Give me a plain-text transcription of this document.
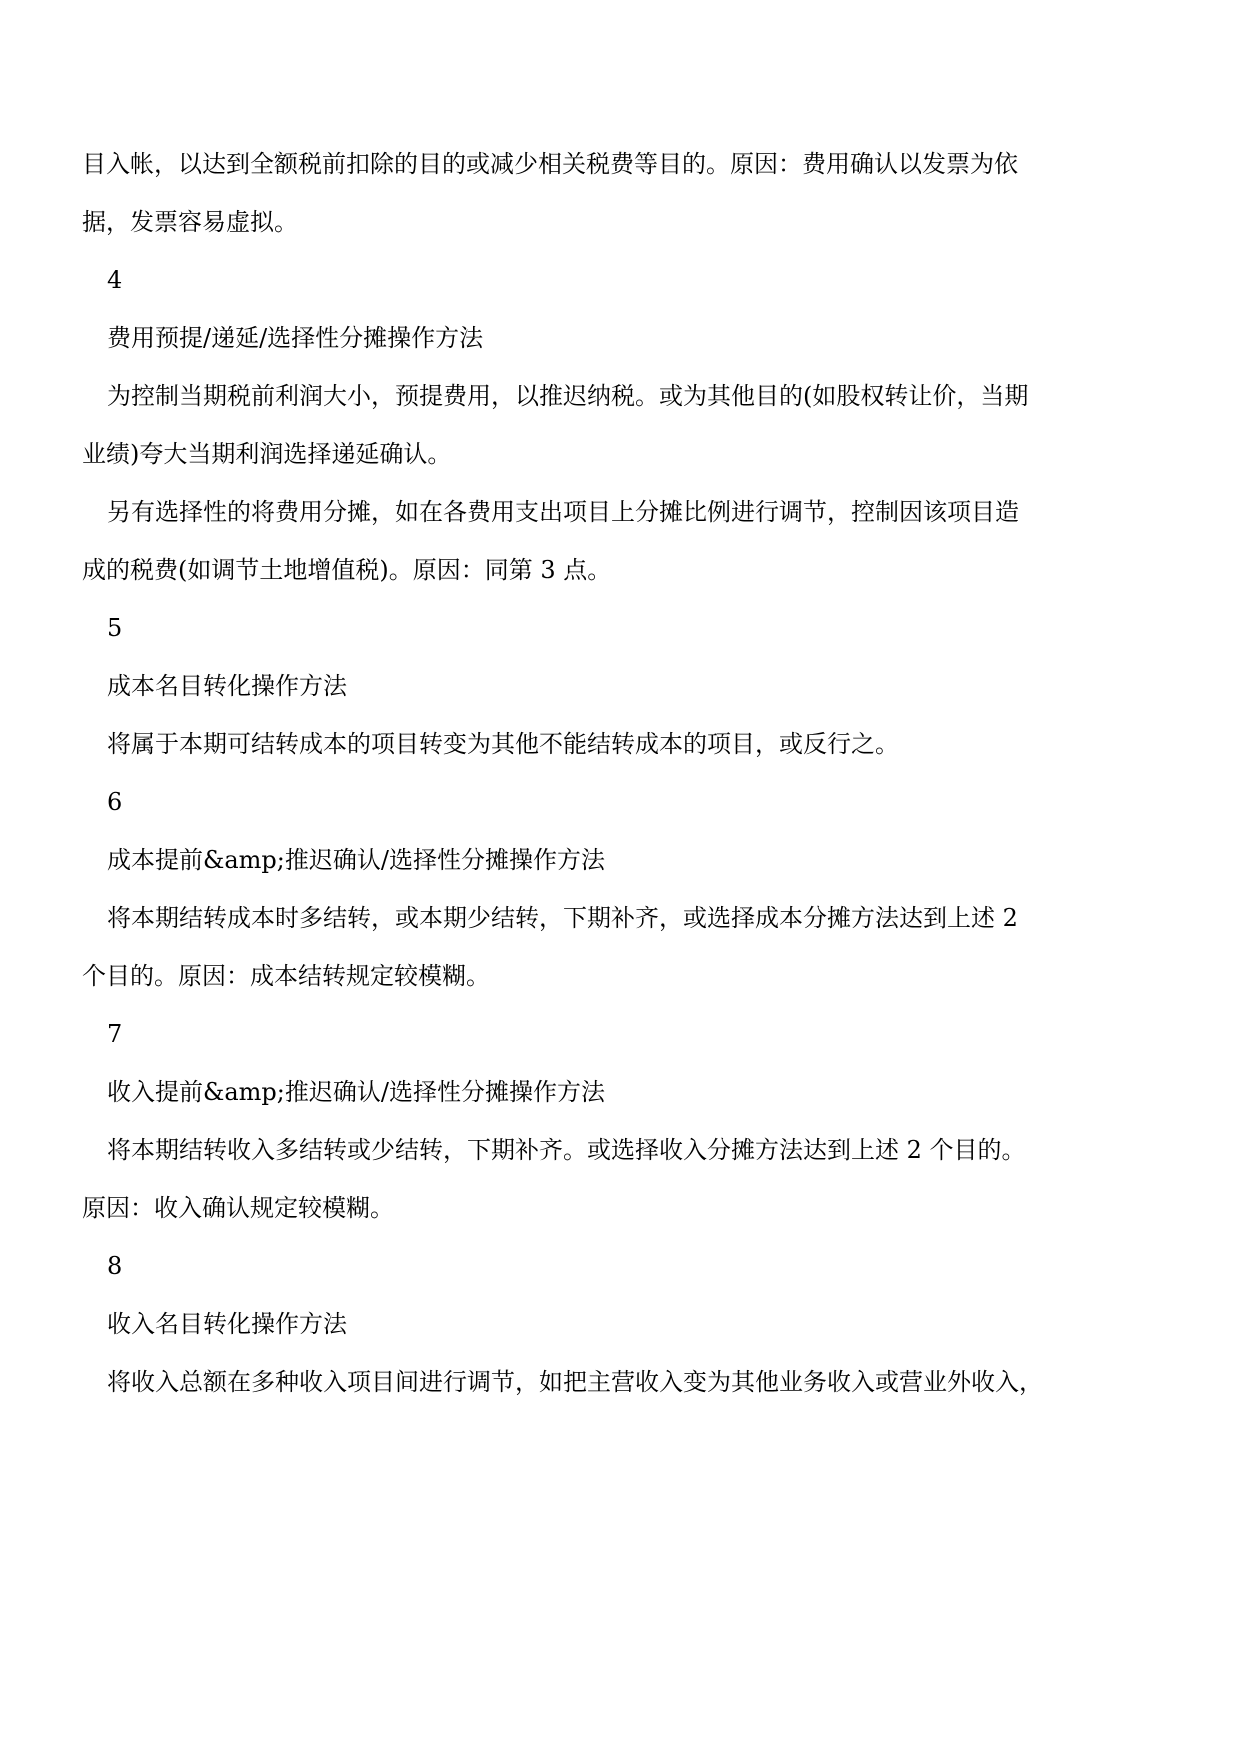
目入帐，以达到全额税前扣除的目的或减少相关税费等目的。原因：费用确认以发票为依
据，发票容易虚拟。
4
费用预提/递延/选择性分摊操作方法
为控制当期税前利润大小，预提费用，以推迟纳税。或为其他目的(如股权转让价，当期
业绩)夸大当期利润选择递延确认。
另有选择性的将费用分摊，如在各费用支出项目上分摊比例进行调节，控制因该项目造
成的税费(如调节土地增值税)。原因：同第 3 点。
5
成本名目转化操作方法
将属于本期可结转成本的项目转变为其他不能结转成本的项目，或反行之。
6
成本提前&amp;推迟确认/选择性分摊操作方法
将本期结转成本时多结转，或本期少结转，下期补齐，或选择成本分摊方法达到上述 2
个目的。原因：成本结转规定较模糊。
7
收入提前&amp;推迟确认/选择性分摊操作方法
将本期结转收入多结转或少结转，下期补齐。或选择收入分摊方法达到上述 2 个目的。
原因：收入确认规定较模糊。
8
收入名目转化操作方法
将收入总额在多种收入项目间进行调节，如把主营收入变为其他业务收入或营业外收入，
